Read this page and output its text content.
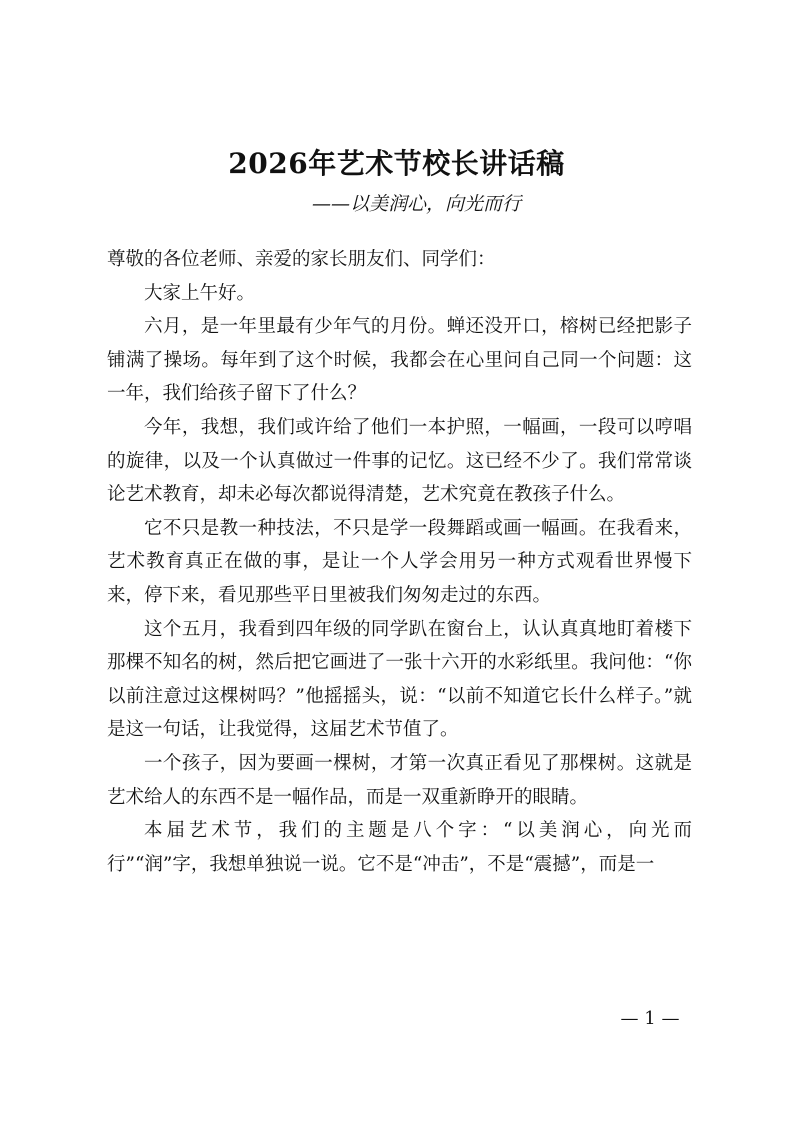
2026年艺术节校长讲话稿
——以美润心，向光而行

尊敬的各位老师、亲爱的家长朋友们、同学们：

大家上午好。

六月，是一年里最有少年气的月份。蝉还没开口，榕树已经把影子铺满了操场。每年到了这个时候，我都会在心里问自己同一个问题：这一年，我们给孩子留下了什么？

今年，我想，我们或许给了他们一本护照，一幅画，一段可以哼唱的旋律，以及一个认真做过一件事的记忆。这已经不少了。我们常常谈论艺术教育，却未必每次都说得清楚，艺术究竟在教孩子什么。

它不只是教一种技法，不只是学一段舞蹈或画一幅画。在我看来，艺术教育真正在做的事，是让一个人学会用另一种方式观看世界慢下来，停下来，看见那些平日里被我们匆匆走过的东西。

这个五月，我看到四年级的同学趴在窗台上，认认真真地盯着楼下那棵不知名的树，然后把它画进了一张十六开的水彩纸里。我问他：“你以前注意过这棵树吗？”他摇摇头，说：“以前不知道它长什么样子。”就是这一句话，让我觉得，这届艺术节值了。

一个孩子，因为要画一棵树，才第一次真正看见了那棵树。这就是艺术给人的东西不是一幅作品，而是一双重新睁开的眼睛。

本届艺术节，我们的主题是八个字：“以美润心，向光而行”“润”字，我想单独说一说。它不是“冲击”，不是“震撼”，而是一

— 1 —
